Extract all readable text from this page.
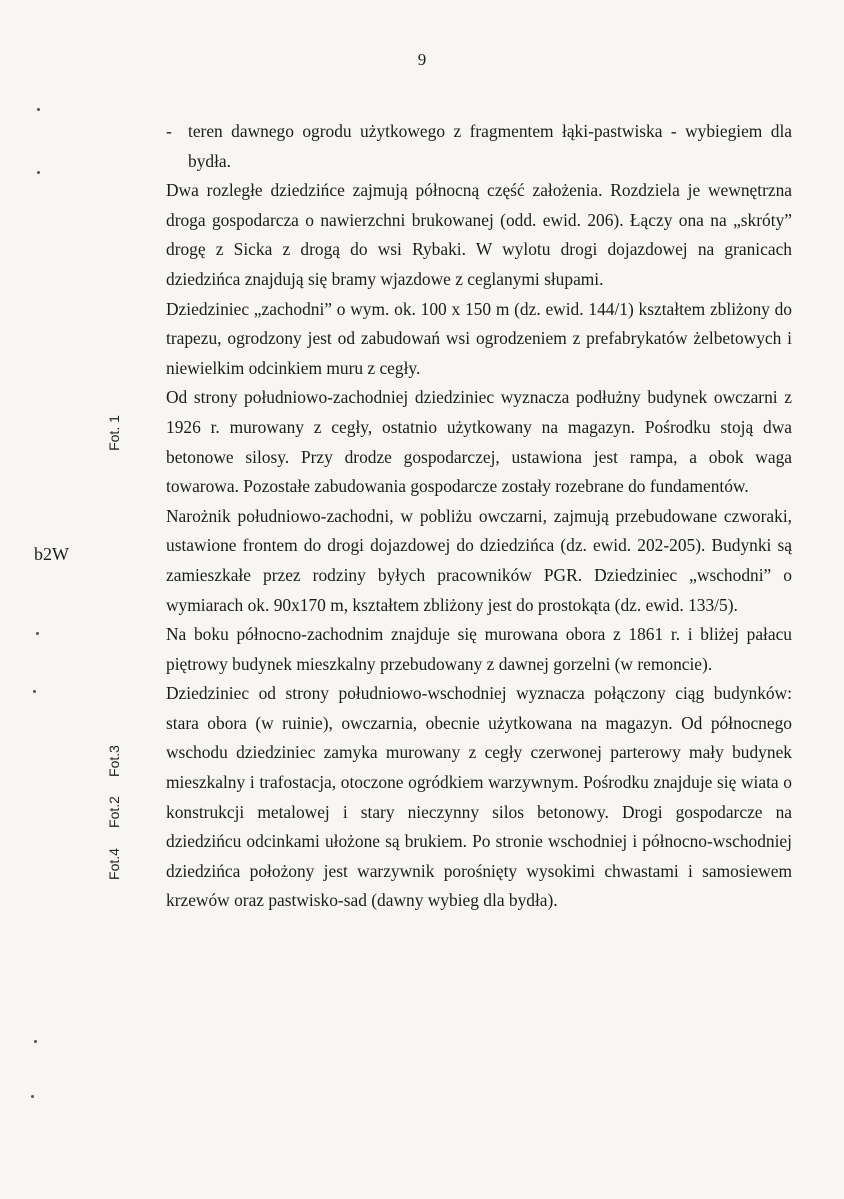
9
b2W
Fot. 1
Fot.3
Fot.2
Fot.4
- teren dawnego ogrodu użytkowego z fragmentem łąki-pastwiska - wybiegiem dla bydła.

Dwa rozległe dziedzińce zajmują północną część założenia. Rozdziela je wewnętrzna droga gospodarcza o nawierzchni brukowanej (odd. ewid. 206). Łączy ona na „skróty” drogę z Sicka z drogą do wsi Rybaki. W wylotu drogi dojazdowej na granicach dziedzińca znajdują się bramy wjazdowe z ceglanymi słupami.

Dziedziniec „zachodni” o wym. ok. 100 x 150 m (dz. ewid. 144/1) kształtem zbliżony do trapezu, ogrodzony jest od zabudowań wsi ogrodzeniem z prefabrykatów żelbetowych i niewielkim odcinkiem muru z cegły.

Od strony południowo-zachodniej dziedziniec wyznacza podłużny budynek owczarni z 1926 r. murowany z cegły, ostatnio użytkowany na magazyn. Pośrodku stoją dwa betonowe silosy. Przy drodze gospodarczej, ustawiona jest rampa, a obok waga towarowa. Pozostałe zabudowania gospodarcze zostały rozebrane do fundamentów.

Narożnik południowo-zachodni, w pobliżu owczarni, zajmują przebudowane czworaki, ustawione frontem do drogi dojazdowej do dziedzińca (dz. ewid. 202-205). Budynki są zamieszkałe przez rodziny byłych pracowników PGR. Dziedziniec „wschodni” o wymiarach ok. 90x170 m, kształtem zbliżony jest do prostokąta (dz. ewid. 133/5).

Na boku północno-zachodnim znajduje się murowana obora z 1861 r. i bliżej pałacu piętrowy budynek mieszkalny przebudowany z dawnej gorzelni (w remoncie).

Dziedziniec od strony południowo-wschodniej wyznacza połączony ciąg budynków: stara obora (w ruinie), owczarnia, obecnie użytkowana na magazyn. Od północnego wschodu dziedziniec zamyka murowany z cegły czerwonej parterowy mały budynek mieszkalny i trafostacja, otoczone ogródkiem warzywnym. Pośrodku znajduje się wiata o konstrukcji metalowej i stary nieczynny silos betonowy. Drogi gospodarcze na dziedzińcu odcinkami ułożone są brukiem. Po stronie wschodniej i północno-wschodniej dziedzińca położony jest warzywnik porośnięty wysokimi chwastami i samosiewem krzewów oraz pastwisko-sad (dawny wybieg dla bydła).
